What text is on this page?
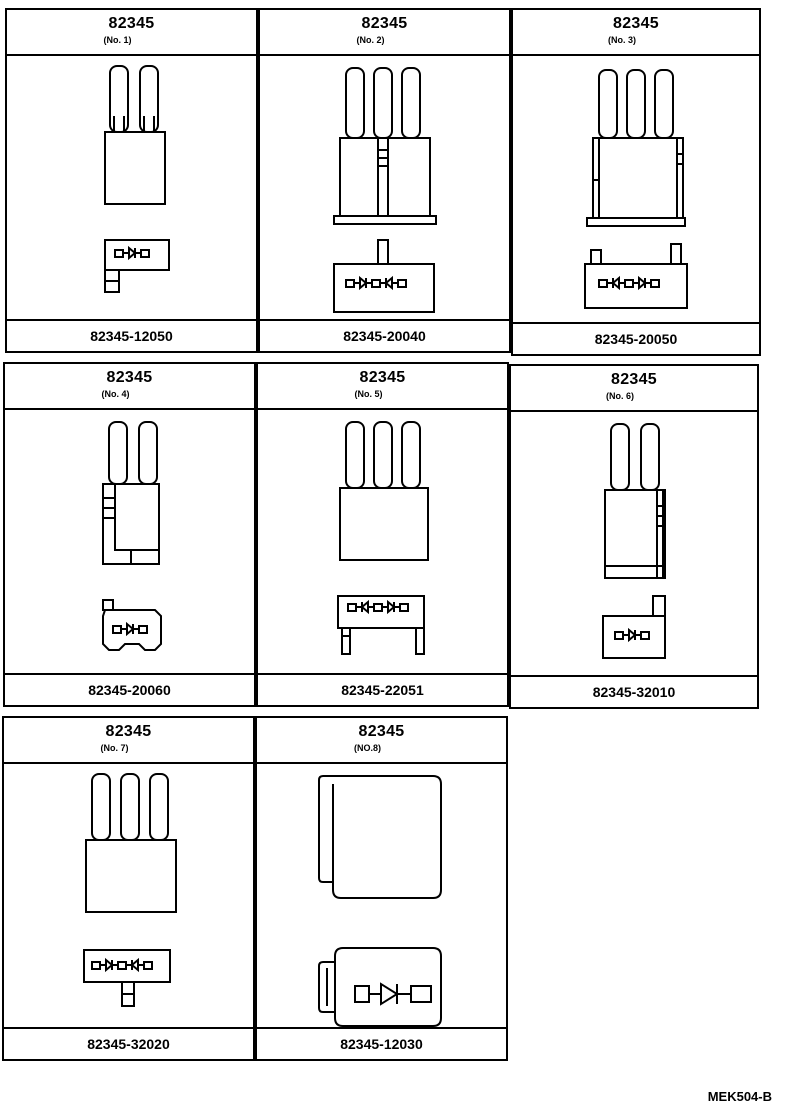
82345
(No. 1)
82345-12050
82345
(No. 2)
82345-20040
82345
(No. 3)
82345-20050
82345
(No. 4)
82345-20060
82345
(No. 5)
82345-22051
82345
(No. 6)
82345-32010
82345
(No. 7)
82345-32020
82345
(NO.8)
82345-12030
MEK504-B
